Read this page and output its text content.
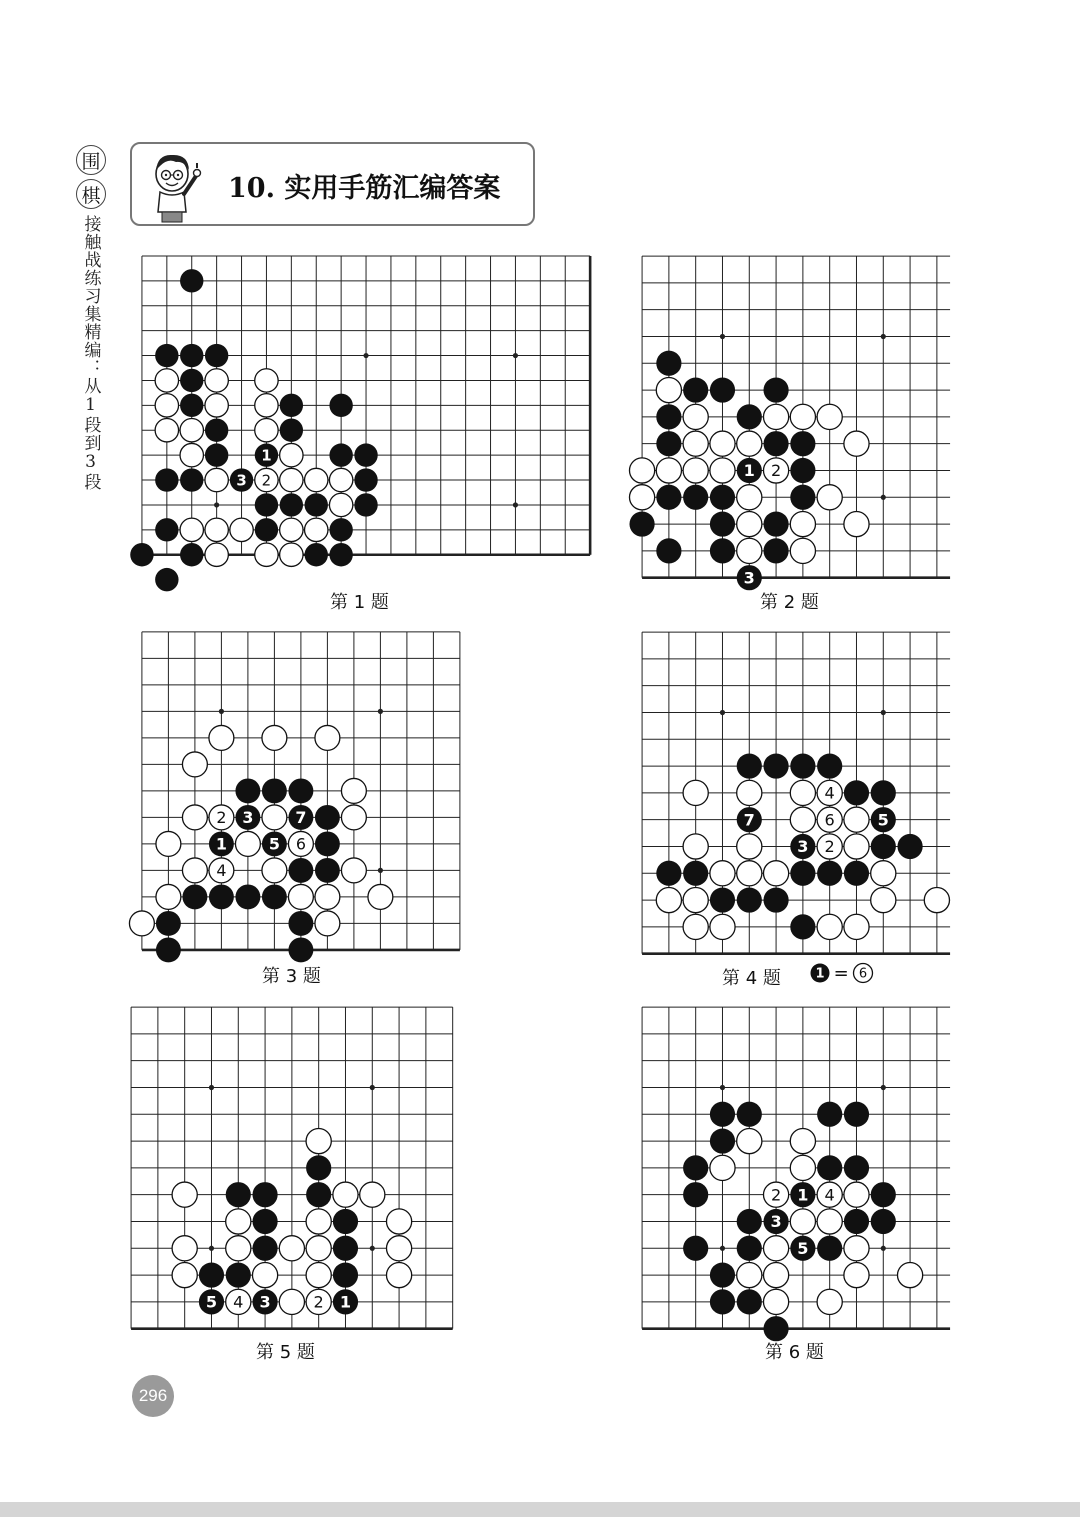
围
棋
接触战练习集精编：从1段到3段
10. 实用手筋汇编答案
1
3 2
1 2
3
2 3	7
1	5 6
4
4
7	6	5
3 2
5 4 3	2 1
2 1 4
3
5
第 1 题	第 2 题
第 3 题	第 4 题	1 = 6
第 5 题	第 6 题
296
